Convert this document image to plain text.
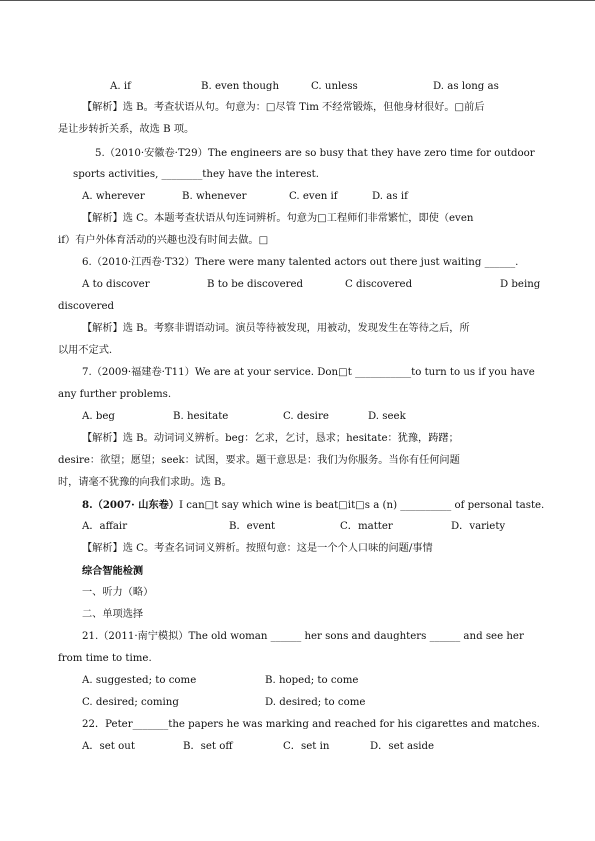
A. if	B. even though	C. unless	D. as long as
【解析】选 B。考查状语从句。句意为：□尽管 Tim 不经常锻炼，但他身材很好。□前后
是让步转折关系，故选 B 项。
5.（2010·安徽卷·T29）The engineers are so busy that they have zero time for outdoor
sports activities, ________they have the interest.
A. wherever	B. whenever	C. even if	D. as if
【解析】选 C。本题考查状语从句连词辨析。句意为□工程师们非常繁忙，即使（even
if）有户外体育活动的兴趣也没有时间去做。□
6.（2010·江西卷·T32）There were many talented actors out there just waiting ______.
A to discover	B to be discovered	C discovered	D being
discovered
【解析】选 B。考察非谓语动词。演员等待被发现，用被动，发现发生在等待之后，所
以用不定式.
7.（2009·福建卷·T11）We are at your service. Don□t ___________to turn to us if you have
any further problems.
A. beg	B. hesitate	C. desire	D. seek
【解析】选 B。动词词义辨析。beg：乞求，乞讨，恳求；hesitate：犹豫，踌躇；
desire：欲望；愿望；seek：试图，要求。题干意思是：我们为你服务。当你有任何问题
时，请毫不犹豫的向我们求助。选 B。
8.（2007· 山东卷）I can□t say which wine is beat□it□s a (n) __________ of personal taste.
A．affair	B．event	C．matter	D．variety
【解析】选 C。考查名词词义辨析。按照句意：这是一个个人口味的问题/事情
综合智能检测
一、听力（略）
二、单项选择
21.（2011·南宁模拟）The old woman ______ her sons and daughters ______ and see her
from time to time.
A. suggested; to come	B. hoped; to come
C. desired; coming	D. desired; to come
22．Peter_______the papers he was marking and reached for his cigarettes and matches.
A．set out	B．set off	C．set in	D．set aside
